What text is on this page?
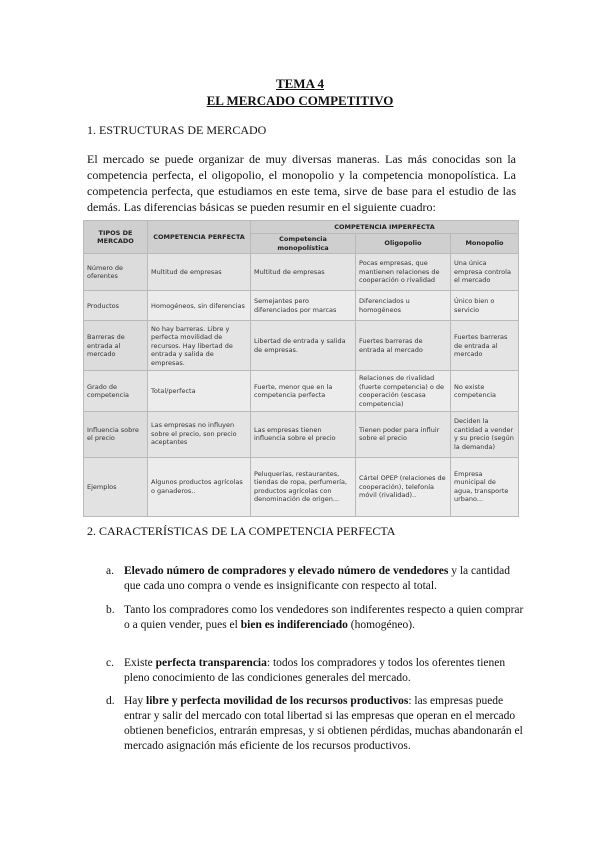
TEMA 4
EL MERCADO COMPETITIVO
1. ESTRUCTURAS DE MERCADO

El mercado se puede organizar de muy diversas maneras. Las más conocidas son la competencia perfecta, el oligopolio, el monopolio y la competencia monopolística. La competencia perfecta, que estudiamos en este tema, sirve de base para el estudio de las demás. Las diferencias básicas se pueden resumir en el siguiente cuadro:

TIPOS DE MERCADO	COMPETENCIA PERFECTA	COMPETENCIA IMPERFECTA		
		Competencia monopolística	Oligopolio	Monopolio
Número de oferentes	Multitud de empresas	Multitud de empresas	Pocas empresas, que mantienen relaciones de cooperación o rivalidad	Una única empresa controla el mercado
Productos	Homogéneos, sin diferencias	Semejantes pero diferenciados por marcas	Diferenciados u homogéneos	Único bien o servicio
Barreras de entrada al mercado	No hay barreras. Libre y perfecta movilidad de recursos. Hay libertad de entrada y salida de empresas.	Libertad de entrada y salida de empresas.	Fuertes barreras de entrada al mercado	Fuertes barreras de entrada al mercado
Grado de competencia	Total/perfecta	Fuerte, menor que en la competencia perfecta	Relaciones de rivalidad (fuerte competencia) o de cooperación (escasa competencia)	No existe competencia
Influencia sobre el precio	Las empresas no influyen sobre el precio, son precio aceptantes	Las empresas tienen influencia sobre el precio	Tienen poder para influir sobre el precio	Deciden la cantidad a vender y su precio (según la demanda)
Ejemplos	Algunos productos agrícolas o ganaderos..	Peluquerías, restaurantes, tiendas de ropa, perfumería, productos agrícolas con denominación de origen...	Cártel OPEP (relaciones de cooperación), telefonía móvil (rivalidad)..	Empresa municipal de agua, transporte urbano...
2. CARACTERÍSTICAS DE LA COMPETENCIA PERFECTA
a. Elevado número de compradores y elevado número de vendedores y la cantidad que cada uno compra o vende es insignificante con respecto al total.
b. Tanto los compradores como los vendedores son indiferentes respecto a quien comprar o a quien vender, pues el bien es indiferenciado (homogéneo).
c. Existe perfecta transparencia: todos los compradores y todos los oferentes tienen pleno conocimiento de las condiciones generales del mercado.
d. Hay libre y perfecta movilidad de los recursos productivos: las empresas puede entrar y salir del mercado con total libertad si las empresas que operan en el mercado obtienen beneficios, entrarán empresas, y si obtienen pérdidas, muchas abandonarán el mercado asignación más eficiente de los recursos productivos.
